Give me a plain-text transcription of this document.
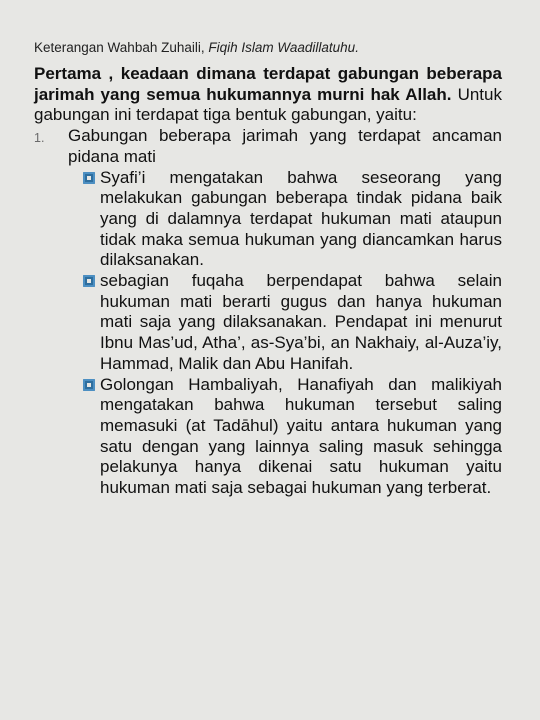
Keterangan Wahbah Zuhaili, Fiqih Islam Waadillatuhu.

Pertama , keadaan dimana terdapat gabungan beberapa jarimah yang semua hukumannya murni hak Allah. Untuk gabungan ini terdapat tiga bentuk gabungan, yaitu:

1.	Gabungan beberapa jarimah yang terdapat ancaman pidana mati
Syafi’i mengatakan bahwa seseorang yang melakukan gabungan beberapa tindak pidana baik yang di dalamnya terdapat hukuman mati ataupun tidak maka semua hukuman yang diancamkan harus dilaksanakan.
sebagian fuqaha berpendapat bahwa selain hukuman mati berarti gugus dan hanya hukuman mati saja yang dilaksanakan. Pendapat ini menurut Ibnu Mas’ud, Atha’, as-Sya’bi, an Nakhaiy, al-Auza’iy, Hammad, Malik dan Abu Hanifah.
Golongan Hambaliyah, Hanafiyah dan malikiyah mengatakan bahwa hukuman tersebut saling memasuki (at Tadāhul) yaitu antara hukuman yang satu dengan yang lainnya saling masuk sehingga pelakunya hanya dikenai satu hukuman yaitu hukuman mati saja sebagai hukuman yang terberat.
